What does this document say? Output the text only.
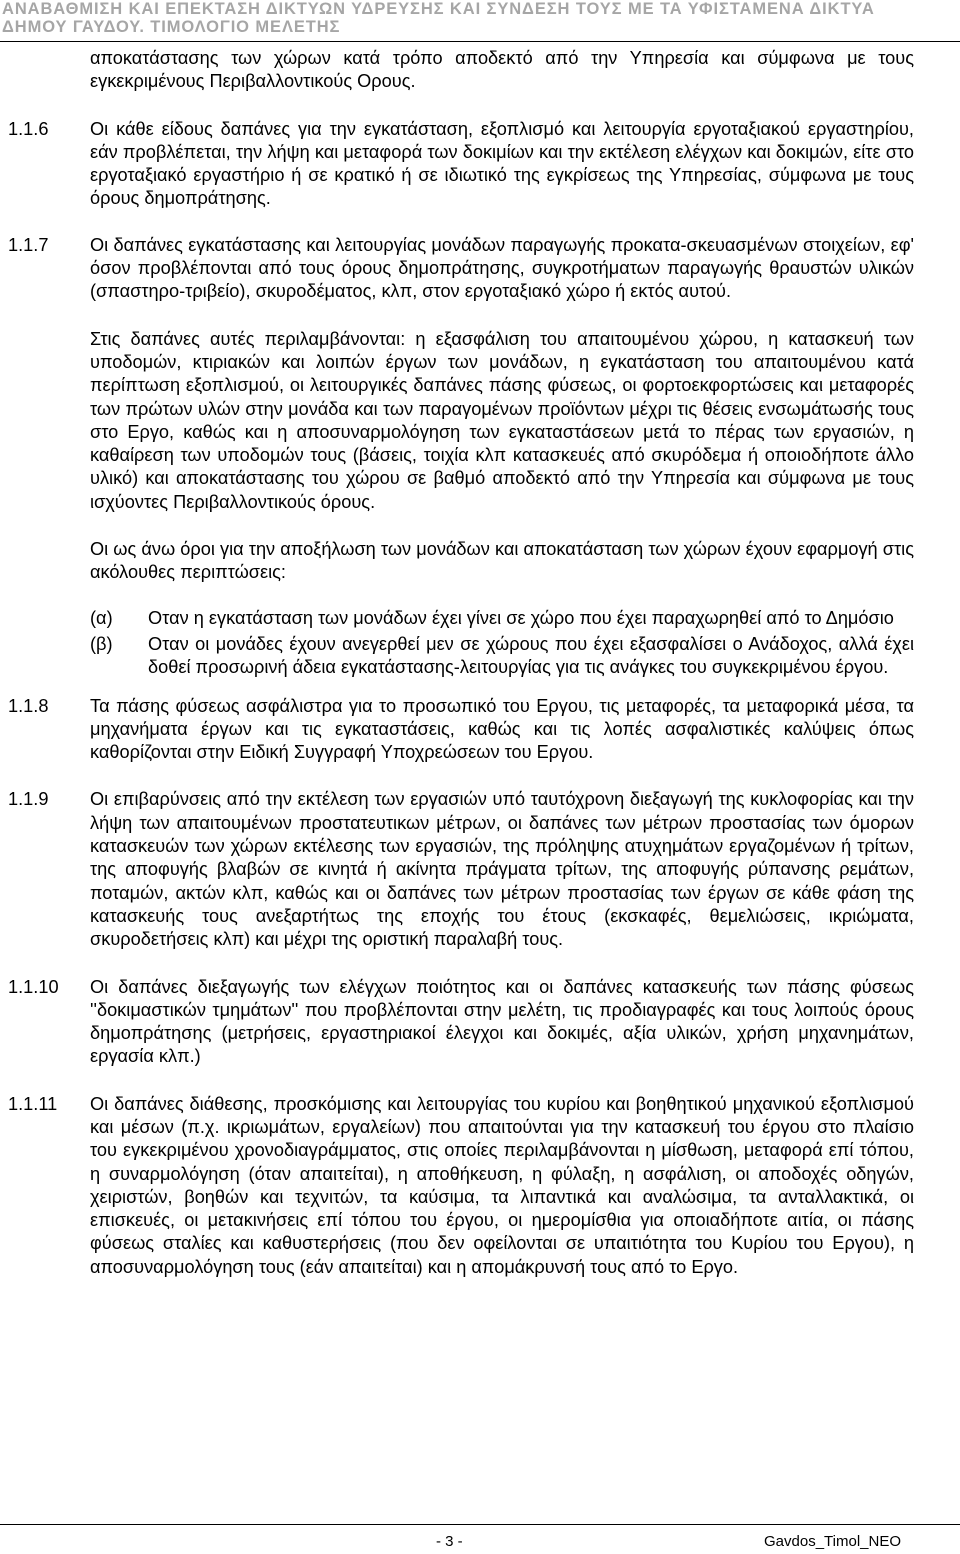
ΑΝΑΒΑΘΜΙΣΗ ΚΑΙ ΕΠΕΚΤΑΣΗ ΔΙΚΤΥΩΝ ΥΔΡΕΥΣΗΣ ΚΑΙ ΣΥΝΔΕΣΗ ΤΟΥΣ ΜΕ ΤΑ ΥΦΙΣΤΑΜΕΝΑ ΔΙΚΤΥΑ
ΔΗΜΟΥ ΓΑΥΔΟΥ. ΤΙΜΟΛΟΓΙΟ ΜΕΛΕΤΗΣ
αποκατάστασης των χώρων κατά τρόπο αποδεκτό από την Υπηρεσία και σύμφωνα με τους εγκεκριμένους Περιβαλλοντικούς Ορους.
1.1.6 Οι κάθε είδους δαπάνες για την εγκατάσταση, εξοπλισμό και λειτουργία εργοταξιακού εργαστηρίου, εάν προβλέπεται, την λήψη και μεταφορά των δοκιμίων και την εκτέλεση ελέγχων και δοκιμών, είτε στο εργοταξιακό εργαστήριο ή σε κρατικό ή σε ιδιωτικό της εγκρίσεως της Υπηρεσίας, σύμφωνα με τους όρους δημοπράτησης.
1.1.7 Οι δαπάνες εγκατάστασης και λειτουργίας μονάδων παραγωγής προκατα-σκευασμένων στοιχείων, εφ' όσον προβλέπονται από τους όρους δημοπράτησης, συγκροτήματων παραγωγής θραυστών υλικών (σπαστηρο-τριβείο), σκυροδέματος, κλπ, στον εργοταξιακό χώρο ή εκτός αυτού.
Στις δαπάνες αυτές περιλαμβάνονται: η εξασφάλιση του απαιτουμένου χώρου, η κατασκευή των υποδομών, κτιριακών και λοιπών έργων των μονάδων, η εγκατάσταση του απαιτουμένου κατά περίπτωση εξοπλισμού, οι λειτουργικές δαπάνες πάσης φύσεως, οι φορτοεκφορτώσεις και μεταφορές των πρώτων υλών στην μονάδα και των παραγομένων προϊόντων μέχρι τις θέσεις ενσωμάτωσής τους στο Εργο, καθώς και η αποσυναρμολόγηση των εγκαταστάσεων μετά το πέρας των εργασιών, η καθαίρεση των υποδομών τους (βάσεις, τοιχία κλπ κατασκευές από σκυρόδεμα ή οποιοδήποτε άλλο υλικό) και αποκατάστασης του χώρου σε βαθμό αποδεκτό από την Υπηρεσία και σύμφωνα με τους ισχύοντες Περιβαλλοντικούς όρους.
Οι ως άνω όροι για την αποξήλωση των μονάδων και αποκατάσταση των χώρων έχουν εφαρμογή στις ακόλουθες περιπτώσεις:
(α) Οταν η εγκατάσταση των μονάδων έχει γίνει σε χώρο που έχει παραχωρηθεί από το Δημόσιο
(β) Οταν οι μονάδες έχουν ανεγερθεί μεν σε χώρους που έχει εξασφαλίσει ο Ανάδοχος, αλλά έχει δοθεί προσωρινή άδεια εγκατάστασης-λειτουργίας για τις ανάγκες του συγκεκριμένου έργου.
1.1.8 Τα πάσης φύσεως ασφάλιστρα για το προσωπικό του Εργου, τις μεταφορές, τα μεταφορικά μέσα, τα μηχανήματα έργων και τις εγκαταστάσεις, καθώς και τις λοπές ασφαλιστικές καλύψεις όπως καθορίζονται στην Ειδική Συγγραφή Υποχρεώσεων του Εργου.
1.1.9 Οι επιβαρύνσεις από την εκτέλεση των εργασιών υπό ταυτόχρονη διεξαγωγή της κυκλοφορίας και την λήψη των απαιτουμένων προστατευτικων μέτρων, οι δαπάνες των μέτρων προστασίας των όμορων κατασκευών των χώρων εκτέλεσης των εργασιών, της πρόληψης ατυχημάτων εργαζομένων ή τρίτων, της αποφυγής βλαβών σε κινητά ή ακίνητα πράγματα τρίτων, της αποφυγής ρύπανσης ρεμάτων, ποταμών, ακτών κλπ, καθώς και οι δαπάνες των μέτρων προστασίας των έργων σε κάθε φάση της κατασκευής τους ανεξαρτήτως της εποχής του έτους (εκσκαφές, θεμελιώσεις, ικριώματα, σκυροδετήσεις κλπ) και μέχρι της οριστική παραλαβή τους.
1.1.10 Οι δαπάνες διεξαγωγής των ελέγχων ποιότητος και οι δαπάνες κατασκευής των πάσης φύσεως ''δοκιμαστικών τμημάτων'' που προβλέπονται στην μελέτη, τις προδιαγραφές και τους λοιπούς όρους δημοπράτησης (μετρήσεις, εργαστηριακοί έλεγχοι και δοκιμές, αξία υλικών, χρήση μηχανημάτων, εργασία κλπ.)
1.1.11 Οι δαπάνες διάθεσης, προσκόμισης και λειτουργίας του κυρίου και βοηθητικού μηχανικού εξοπλισμού και μέσων (π.χ. ικριωμάτων, εργαλείων) που απαιτούνται για την κατασκευή του έργου στο πλαίσιο του εγκεκριμένου χρονοδιαγράμματος, στις οποίες περιλαμβάνονται η μίσθωση, μεταφορά επί τόπου, η συναρμολόγηση (όταν απαιτείται), η αποθήκευση, η φύλαξη, η ασφάλιση, οι αποδοχές οδηγών, χειριστών, βοηθών και τεχνιτών, τα καύσιμα, τα λιπαντικά και αναλώσιμα, τα ανταλλακτικά, οι επισκευές, οι μετακινήσεις επί τόπου του έργου, οι ημερομίσθια για οποιαδήποτε αιτία, οι πάσης φύσεως σταλίες και καθυστερήσεις (που δεν οφείλονται σε υπαιτιότητα του Κυρίου του Εργου), η αποσυναρμολόγηση τους (εάν απαιτείται) και η απομάκρυνσή τους από το Εργο.
- 3 -	Gavdos_Timol_NEO
